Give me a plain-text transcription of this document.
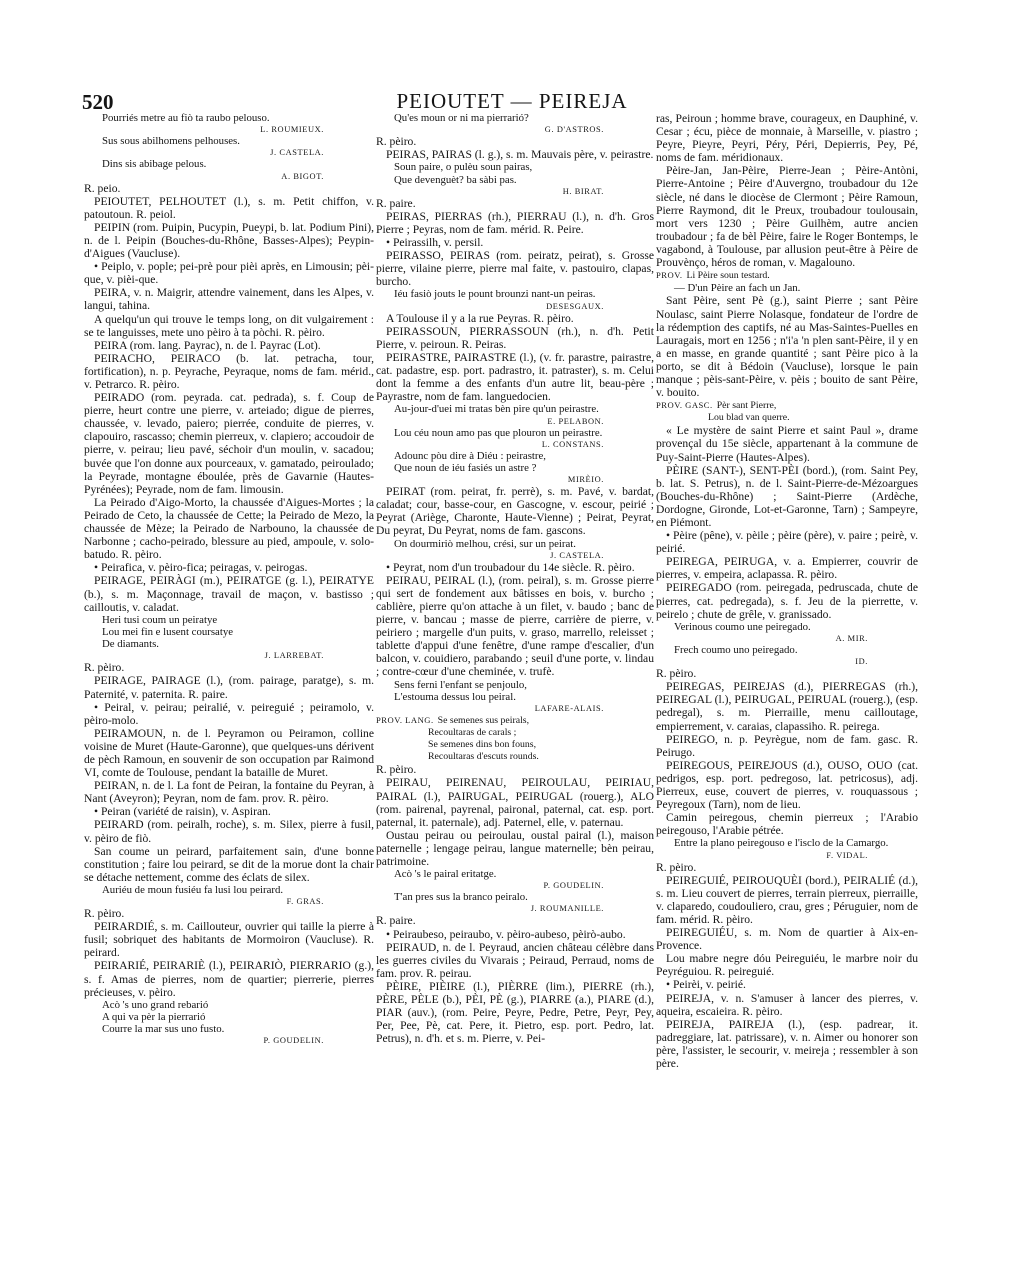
520	PEIOUTET — PEIREJA
Pourriés metre au fiò ta raubo pelouso.
L. ROUMIEUX.
Sus sous abilhomens pelhouses.
J. CASTELA.
Dins sis abibage pelous.
A. BIGOT.

R. peio.

PEIOUTET, PELHOUTET (l.), s. m. Petit chiffon, v. patoutoun. R. peiol.

PEIPIN (rom. Puipin, Pucypin, Pueypi, b. lat. Podium Pini), n. de l. Peipin (Bouches-du-Rhône, Basses-Alpes); Peypin-d'Aigues (Vaucluse).

• Peiplo, v. pople; pei-prè pour pièi après, en Limousin; pèi-que, v. pièi-que.

PEIRA, v. n. Maigrir, attendre vainement, dans les Alpes, v. langui, tahina.

A quelqu'un qui trouve le temps long, on dit vulgairement : se te languisses, mete uno pèiro à ta pòchi. R. pèiro.

PEIRA (rom. lang. Payrac), n. de l. Payrac (Lot).

PEIRACHO, PEIRACO (b. lat. petracha, tour, fortification), n. p. Peyrache, Peyraque, noms de fam. mérid., v. Petrarco. R. pèiro.

PEIRADO (rom. peyrada. cat. pedrada), s. f. Coup de pierre, heurt contre une pierre, v. arteiado; digue de pierres, chaussée, v. levado, paiero; pierrée, conduite de pierres, v. clapouiro, rascasso; chemin pierreux, v. clapiero; accoudoir de pierre, v. peirau; lieu pavé, séchoir d'un moulin, v. sacadou; buvée que l'on donne aux pourceaux, v. gamatado, peiroulado; la Peyrade, montagne éboulée, près de Gavarnie (Hautes-Pyrénées); Peyrade, nom de fam. limousin.

La Peirado d'Aigo-Morto, la chaussée d'Aigues-Mortes ; la Peirado de Ceto, la chaussée de Cette; la Peirado de Mezo, la chaussée de Mèze; la Peirado de Narbouno, la chaussée de Narbonne ; cacho-peirado, blessure au pied, ampoule, v. solo-batudo. R. pèiro.

• Peirafica, v. pèiro-fica; peiragas, v. peirogas.

PEIRAGE, PEIRÀGI (m.), PEIRATGE (g. l.), PEIRATYE (b.), s. m. Maçonnage, travail de maçon, v. bastisso ; cailloutis, v. caladat.

Heri tusi coum un peiratye
Lou mei fin e lusent coursatye
De diamants.
J. LARREBAT.

R. pèiro.

PEIRAGE, PAIRAGE (l.), (rom. pairage, paratge), s. m. Paternité, v. paternita. R. paire.

• Peiral, v. peirau; peiralié, v. peireguié ; peiramolo, v. pèiro-molo.

PEIRAMOUN, n. de l. Peyramon ou Peiramon, colline voisine de Muret (Haute-Garonne), que quelques-uns dérivent de pèch Ramoun, en souvenir de son occupation par Raimond VI, comte de Toulouse, pendant la bataille de Muret.

PEIRAN, n. de l. La font de Peiran, la fontaine du Peyran, à Nant (Aveyron); Peyran, nom de fam. prov. R. pèiro.

• Peiran (variété de raisin), v. Aspiran.

PEIRARD (rom. peiralh, roche), s. m. Silex, pierre à fusil, v. pèiro de fiò.

San coume un peirard, parfaitement sain, d'une bonne constitution ; faire lou peirard, se dit de la morue dont la chair se détache nettement, comme des éclats de silex.

Auriéu de moun fusiéu fa lusi lou peirard.
F. GRAS.

R. pèiro.

PEIRARDIÉ, s. m. Caillouteur, ouvrier qui taille la pierre à fusil; sobriquet des habitants de Mormoiron (Vaucluse). R. peirard.

PEIRARIÉ, PEIRARIÈ (l.), PEIRARIÒ, PIERRARIO (g.), s. f. Amas de pierres, nom de quartier; pierrerie, pierres précieuses, v. pèiro.

Acò 's uno grand rebarió
A qui va pèr la pierrarió
Courre la mar sus uno fusto.
P. GOUDELIN.
Qu'es moun or ni ma pierrarió?
G. D'ASTROS.

R. pèiro.

PEIRAS, PAIRAS (l. g.), s. m. Mauvais père, v. peirastre.

Soun paire, o pulèu soun pairas,
Que devenguèt? ba sàbi pas.
H. BIRAT.

R. paire.

PEIRAS, PIERRAS (rh.), PIERRAU (l.), n. d'h. Gros Pierre ; Peyras, nom de fam. mérid. R. Peire.

• Peirassilh, v. persil.

PEIRASSO, PEIRAS (rom. peiratz, peirat), s. Grosse pierre, vilaine pierre, pierre mal faite, v. pastouiro, clapas, burcho.

Iéu fasiò jouts le pount brounzi nant-un peiras.
DESESGAUX.

A Toulouse il y a la rue Peyras. R. pèiro.

PEIRASSOUN, PIERRASSOUN (rh.), n. d'h. Petit Pierre, v. peiroun. R. Peiras.

PEIRASTRE, PAIRASTRE (l.), (v. fr. parastre, pairastre, cat. padastre, esp. port. padrastro, it. patraster), s. m. Celui dont la femme a des enfants d'un autre lit, beau-père ; Payrastre, nom de fam. languedocien.

Au-jour-d'uei mi tratas bèn pire qu'un peirastre.
E. PELABON.
Lou céu noun amo pas que plouron un peirastre.
L. CONSTANS.
Adounc pòu dire à Diéu : peirastre,
Que noun de iéu fasiés un astre ?
MIRÈIO.

PEIRAT (rom. peirat, fr. perrè), s. m. Pavé, v. bardat, caladat; cour, basse-cour, en Gascogne, v. escour, peirié ; Peyrat (Ariège, Charonte, Haute-Vienne) ; Peirat, Peyrat, Du peyrat, Du Peyrat, noms de fam. gascons.

On dourmiriò melhou, crési, sur un peirat.
J. CASTELA.

• Peyrat, nom d'un troubadour du 14e siècle. R. pèiro.

PEIRAU, PEIRAL (l.), (rom. peiral), s. m. Grosse pierre qui sert de fondement aux bâtisses en bois, v. burcho ; cablière, pierre qu'on attache à un filet, v. baudo ; banc de pierre, v. bancau ; masse de pierre, carrière de pierre, v. peiriero ; margelle d'un puits, v. graso, marrello, releisset ; tablette d'appui d'une fenêtre, d'une rampe d'escalier, d'un balcon, v. couidiero, parabando ; seuil d'une porte, v. lindau ; contre-cœur d'une cheminée, v. trufè.

Sens ferni l'enfant se penjoulo,
L'estouma dessus lou peiral.
LAFARE-ALAIS.
PROV. LANG. Se semenes sus peirals,
Recoultaras de carals ;
Se semenes dins bon founs,
Recoultaras d'escuts rounds.

R. pèiro.

PEIRAU, PEIRENAU, PEIROULAU, PEIRIAU, PAIRAL (l.), PAIRUGAL, PEIRUGAL (rouerg.), ALO (rom. pairenal, payrenal, paironal, paternal, cat. esp. port. paternal, it. paternale), adj. Paternel, elle, v. paternau.

Oustau peirau ou peiroulau, oustal pairal (l.), maison paternelle ; lengage peirau, langue maternelle; bèn peirau, patrimoine.

Acò 's le pairal eritatge.
P. GOUDELIN.
T'an pres sus la branco peiralo.
J. ROUMANILLE.

R. paire.

• Peiraubeso, peiraubo, v. pèiro-aubeso, pèirò-aubo.

PEIRAUD, n. de l. Peyraud, ancien château célèbre dans les guerres civiles du Vivarais ; Peiraud, Perraud, noms de fam. prov. R. peirau.

PÈIRE, PIÈIRE (l.), PIÈRRE (lim.), PIERRE (rh.), PÈRE, PÈLE (b.), PÈI, PÈ (g.), PIARRE (a.), PIARE (d.), PIAR (auv.), (rom. Peire, Peyre, Pedre, Petre, Peyr, Pey, Per, Pee, Pè, cat. Pere, it. Pietro, esp. port. Pedro, lat. Petrus), n. d'h. et s. m. Pierre, v. Pei-

ras, Peiroun ; homme brave, courageux, en Dauphiné, v. Cesar ; écu, pièce de monnaie, à Marseille, v. piastro ; Peyre, Pieyre, Peyri, Péry, Péri, Depierris, Pey, Pé, noms de fam. méridionaux.

Pèire-Jan, Jan-Pèire, Pierre-Jean ; Pèire-Antòni, Pierre-Antoine ; Pèire d'Auvergno, troubadour du 12e siècle, né dans le diocèse de Clermont ; Pèire Ramoun, Pierre Raymond, dit le Preux, troubadour toulousain, mort vers 1230 ; Pèire Guilhèm, autre ancien troubadour ; fa de bèl Pèire, faire le Roger Bontemps, le vagabond, à Toulouse, par allusion peut-être à Pèire de Prouvènço, héros de roman, v. Magalouno.

PROV. Li Pèire soun testard.
— D'un Pèire an fach un Jan.

Sant Pèire, sent Pè (g.), saint Pierre ; sant Pèire Noulasc, saint Pierre Nolasque, fondateur de l'ordre de la rédemption des captifs, né au Mas-Saintes-Puelles en Lauragais, mort en 1256 ; n'i'a 'n plen sant-Pèire, il y en a en masse, en grande quantité ; sant Pèire pico à la porto, se dit à Bédoin (Vaucluse), lorsque le pain manque ; pèis-sant-Pèire, v. pèis ; bouito de sant Pèire, v. bouito.

PROV. GASC. Pèr sant Pierre,
Lou blad van querre.

« Le mystère de saint Pierre et saint Paul », drame provençal du 15e siècle, appartenant à la commune de Puy-Saint-Pierre (Hautes-Alpes).

PÈIRE (SANT-), SENT-PÈI (bord.), (rom. Saint Pey, b. lat. S. Petrus), n. de l. Saint-Pierre-de-Mézoargues (Bouches-du-Rhône) ; Saint-Pierre (Ardèche, Dordogne, Gironde, Lot-et-Garonne, Tarn) ; Sampeyre, en Piémont.

• Pèire (pêne), v. pèile ; pèire (père), v. paire ; peirè, v. peirié.

PEIREGA, PEIRUGA, v. a. Empierrer, couvrir de pierres, v. empeira, aclapassa. R. pèiro.

PEIREGADO (rom. peiregada, pedruscada, chute de pierres, cat. pedregada), s. f. Jeu de la pierrette, v. peirelo ; chute de grêle, v. granissado.

Verinous coumo une peiregado.
A. MIR.
Frech coumo uno peiregado.
ID.

R. pèiro.

PEIREGAS, PEIREJAS (d.), PIERREGAS (rh.), PEIREGAL (l.), PEIRUGAL, PEIRUAL (rouerg.), (esp. pedregal), s. m. Pierraille, menu cailloutage, empierrement, v. caraias, clapassiho. R. peirega.

PEIREGO, n. p. Peyrègue, nom de fam. gasc. R. Peirugo.

PEIREGOUS, PEIREJOUS (d.), OUSO, OUO (cat. pedrigos, esp. port. pedregoso, lat. petricosus), adj. Pierreux, euse, couvert de pierres, v. rouquassous ; Peyregoux (Tarn), nom de lieu.

Camin peiregous, chemin pierreux ; l'Arabio peiregouso, l'Arabie pétrée.

Entre la plano peiregouso e l'isclo de la Camargo.
F. VIDAL.

R. pèiro.

PEIREGUIÉ, PEIROUQUÈI (bord.), PEIRALIÉ (d.), s. m. Lieu couvert de pierres, terrain pierreux, pierraille, v. claparedo, coudouliero, crau, gres ; Péruguier, nom de fam. mérid. R. pèiro.

PEIREGUIÉU, s. m. Nom de quartier à Aix-en-Provence.

Lou mabre negre dóu Peireguiéu, le marbre noir du Peyréguiou. R. peireguié.

• Peirèi, v. peirié.

PEIREJA, v. n. S'amuser à lancer des pierres, v. aqueira, escaieira. R. pèiro.

PEIREJA, PAIREJA (l.), (esp. padrear, it. padreggiare, lat. patrissare), v. n. Aimer ou honorer son père, l'assister, le secourir, v. meireja ; ressembler à son père.
